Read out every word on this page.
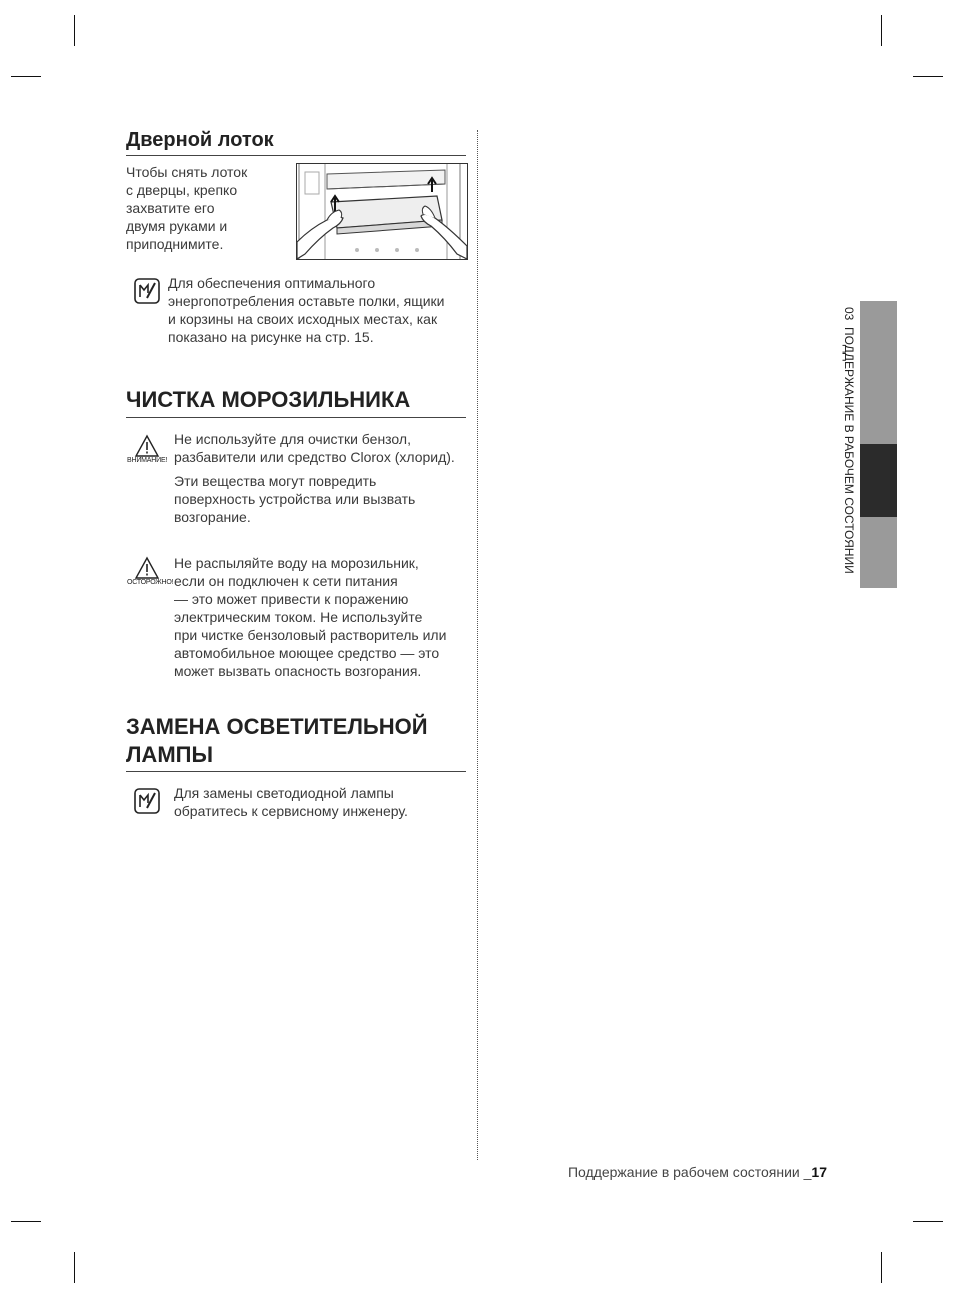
Дверной лоток

Чтобы снять лоток
с дверцы, крепко
захватите его
двумя руками и
приподнимите.

Для обеспечения оптимального
энергопотребления оставьте полки, ящики
и корзины на своих исходных местах, как
показано на рисунке на стр. 15.

ЧИСТКА МОРОЗИЛЬНИКА
ВНИМАНИЕ!

Не используйте для очистки бензол,
разбавители или средство Clorox (хлорид).

Эти вещества могут повредить
поверхность устройства или вызвать
возгорание.

ОСТОРОЖНО!

Не распыляйте воду на морозильник,
если он подключен к сети питания
— это может привести к поражению
электрическим током. Не используйте
при чистке бензоловый растворитель или
автомобильное моющее средство — это
может вызвать опасность возгорания.

ЗАМЕНА ОСВЕТИТЕЛЬНОЙ
ЛАМПЫ

Для замены светодиодной лампы
обратитесь к сервисному инженеру.

03  ПОДДЕРЖАНИЕ В РАБОЧЕМ СОСТОЯНИИ
Поддержание в рабочем состоянии _17
